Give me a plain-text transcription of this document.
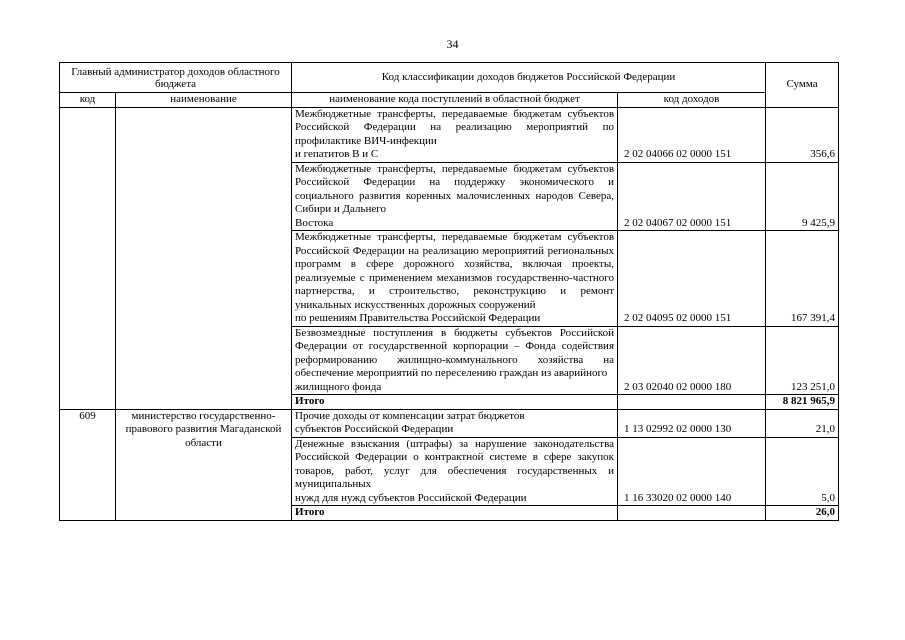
34
Главный администратор доходов областного бюджета		Код классификации доходов бюджетов Российской Федерации		Сумма
код	наименование	наименование кода поступлений в областной бюджет	код доходов	
		Межбюджетные трансферты, передаваемые бюджетам субъектов Российской Федерации на реализацию мероприятий по профилактике ВИЧ-инфекции
и гепатитов В и С	2 02 04066 02 0000 151	356,6
		Межбюджетные трансферты, передаваемые бюджетам субъектов Российской Федерации на поддержку экономического и социального развития коренных малочисленных народов Севера, Сибири и Дальнего
Востока	2 02 04067 02 0000 151	9 425,9
		Межбюджетные трансферты, передаваемые бюджетам субъектов Российской Федерации на реализацию мероприятий региональных программ в сфере дорожного хозяйства, включая проекты, реализуемые с применением механизмов государственно-частного партнерства, и строительство, реконструкцию и ремонт уникальных искусственных дорожных сооружений
по решениям Правительства Российской Федерации	2 02 04095 02 0000 151	167 391,4
		Безвозмездные поступления в бюджеты субъектов Российской Федерации от государственной корпорации – Фонда содействия реформированию жилищно-коммунального хозяйства на обеспечение мероприятий по переселению граждан из аварийного
жилищного фонда	2 03 02040 02 0000 180	123 251,0
		Итого		8 821 965,9
609	министерство государственно-правового развития Магаданской области	Прочие доходы от компенсации затрат бюджетов
субъектов Российской Федерации	1 13 02992 02 0000 130	21,0
		Денежные взыскания (штрафы) за нарушение законодательства Российской Федерации о контрактной системе в сфере закупок товаров, работ, услуг для обеспечения государственных и муниципальных
нужд для нужд субъектов Российской Федерации	1 16 33020 02 0000 140	5,0
		Итого		26,0
